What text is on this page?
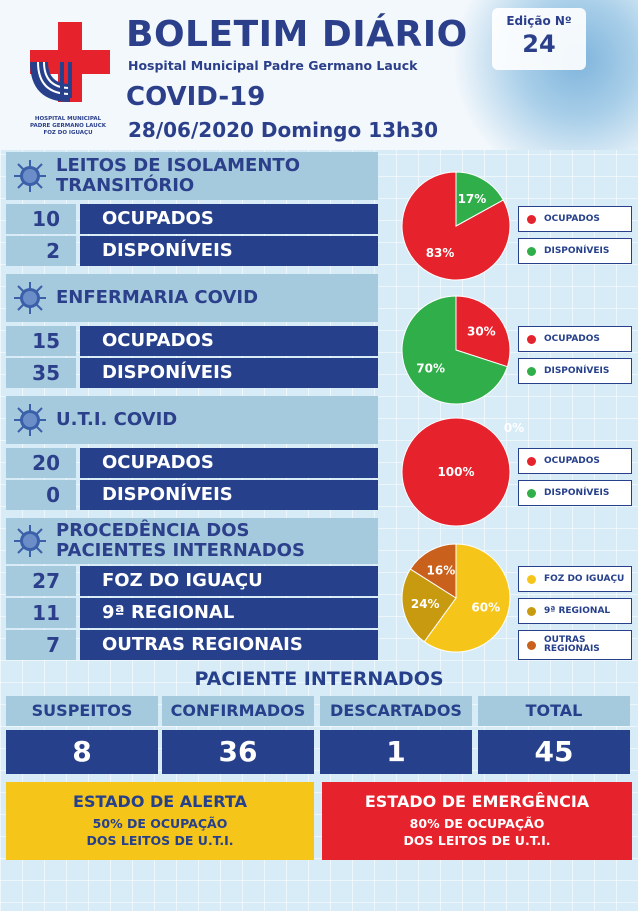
HOSPITAL MUNICIPAL
PADRE GERMANO LAUCK
FOZ DO IGUAÇU
BOLETIM DIÁRIO
Hospital Municipal Padre Germano Lauck
COVID-19
28/06/2020 Domingo 13h30
Edição Nº
24
LEITOS DE ISOLAMENTO
TRANSITÓRIO
10	OCUPADOS
2	DISPONÍVEIS
ENFERMARIA COVID
15	OCUPADOS
35	DISPONÍVEIS
U.T.I. COVID
20	OCUPADOS
0	DISPONÍVEIS
PROCEDÊNCIA DOS
PACIENTES INTERNADOS
27	FOZ DO IGUAÇU
11	9ª REGIONAL
7	OUTRAS REGIONAIS
83%
17%
30%
70%
100%
0%
60%
24%
16%
OCUPADOS
DISPONÍVEIS
OCUPADOS
DISPONÍVEIS
OCUPADOS
DISPONÍVEIS
FOZ DO IGUAÇU
9ª REGIONAL
OUTRAS REGIONAIS
PACIENTE INTERNADOS
SUSPEITOS
8
CONFIRMADOS
36
DESCARTADOS
1
TOTAL
45
ESTADO DE ALERTA
50% DE OCUPAÇÃO
DOS LEITOS DE U.T.I.
ESTADO DE EMERGÊNCIA
80% DE OCUPAÇÃO
DOS LEITOS DE U.T.I.
